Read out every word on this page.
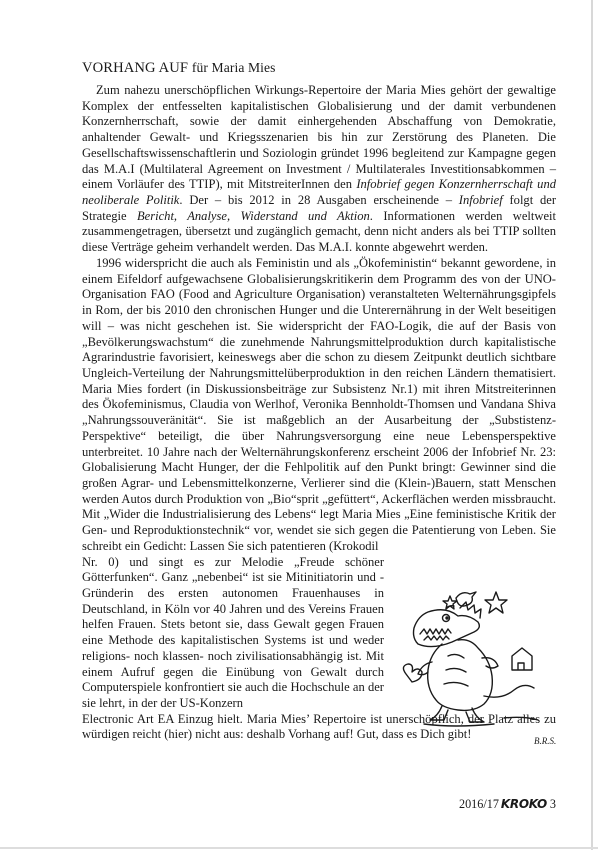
VORHANG AUF für Maria Mies

Zum nahezu unerschöpflichen Wirkungs-Repertoire der Maria Mies gehört der gewaltige Komplex der entfesselten kapitalistischen Globalisierung und der damit verbundenen Konzernherrschaft, sowie der damit einhergehenden Abschaffung von Demokratie, anhaltender Gewalt- und Kriegsszenarien bis hin zur Zerstörung des Planeten. Die Gesellschaftswissenschaftlerin und Soziologin gründet 1996 begleitend zur Kampagne gegen das M.A.I (Multilateral Agreement on Investment / Multilaterales Investitionsabkommen – einem Vorläufer des TTIP), mit MitstreiterInnen den Infobrief gegen Konzernherrschaft und neoliberale Politik. Der – bis 2012 in 28 Ausgaben erscheinende – Infobrief folgt der Strategie Bericht, Analyse, Widerstand und Aktion. Informationen werden weltweit zusammengetragen, übersetzt und zugänglich gemacht, denn nicht anders als bei TTIP sollten diese Verträge geheim verhandelt werden. Das M.A.I. konnte abgewehrt werden.

1996 widerspricht die auch als Feministin und als „Ökofeministin“ bekannt gewordene, in einem Eifeldorf aufgewachsene Globalisierungskritikerin dem Programm des von der UNO-Organisation FAO (Food and Agriculture Organisation) veranstalteten Welternährungsgipfels in Rom, der bis 2010 den chronischen Hunger und die Unterernährung in der Welt beseitigen will – was nicht geschehen ist. Sie widerspricht der FAO-Logik, die auf der Basis von „Bevölkerungswachstum“ die zunehmende Nahrungsmittelproduktion durch kapitalistische Agrarindustrie favorisiert, keineswegs aber die schon zu diesem Zeitpunkt deutlich sichtbare Ungleich-Verteilung der Nahrungsmittelüberproduktion in den reichen Ländern thematisiert. Maria Mies fordert (in Diskussionsbeiträge zur Subsistenz Nr.1) mit ihren Mitstreiterinnen des Ökofeminismus, Claudia von Werlhof, Veronika Bennholdt-Thomsen und Vandana Shiva „Nahrungssouveränität“. Sie ist maßgeblich an der Ausarbeitung der „Substistenz-Perspektive“ beteiligt, die über Nahrungsversorgung eine neue Lebensperspektive unterbreitet. 10 Jahre nach der Welternährungskonferenz erscheint 2006 der Infobrief Nr. 23: Globalisierung Macht Hunger, der die Fehlpolitik auf den Punkt bringt: Gewinner sind die großen Agrar- und Lebensmittelkonzerne, Verlierer sind die (Klein-)Bauern, statt Menschen werden Autos durch Produktion von „Bio“sprit „gefüttert“, Ackerflächen werden missbraucht. Mit „Wider die Industrialisierung des Lebens“ legt Maria Mies „Eine feministische Kritik der Gen- und Reproduktionstechnik“ vor, wendet sie sich gegen die Patentierung von Leben. Sie schreibt ein Gedicht: Lassen Sie sich patentieren (Krokodil

Nr. 0) und singt es zur Melodie „Freude schöner Götterfunken“. Ganz „nebenbei“ ist sie Mitinitiatorin und -Gründerin des ersten autonomen Frauenhauses in Deutschland, in Köln vor 40 Jahren und des Vereins Frauen helfen Frauen. Stets betont sie, dass Gewalt gegen Frauen eine Methode des kapitalistischen Systems ist und weder religions- noch klassen- noch zivilisationsabhängig ist. Mit einem Aufruf gegen die Einübung von Gewalt durch Computerspiele konfrontiert sie auch die Hochschule an der sie lehrt, in der der US-Konzern

Electronic Art EA Einzug hielt. Maria Mies’ Repertoire ist unerschöpflich, der Platz alles zu würdigen reicht (hier) nicht aus: deshalb Vorhang auf! Gut, dass es Dich gibt!	B.R.S.
2016/17 KROKO 3
